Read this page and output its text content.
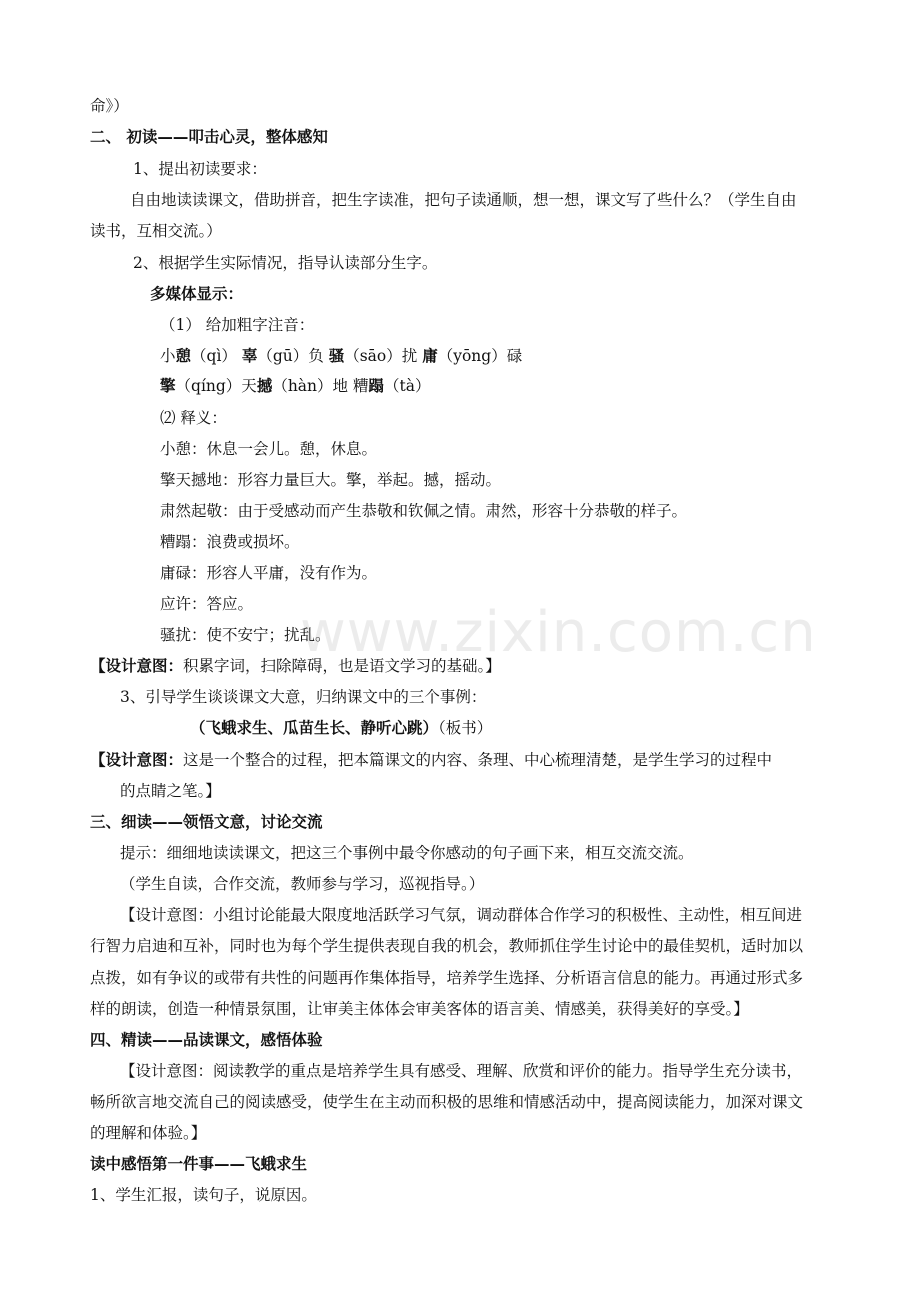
命》）
二、 初读——叩击心灵，整体感知
1、提出初读要求：
自由地读读课文，借助拼音，把生字读准，把句子读通顺，想一想，课文写了些什么？（学生自由
读书，互相交流。）
2、根据学生实际情况，指导认读部分生字。
多媒体显示：
（1） 给加粗字注音：
小憩（qì） 辜（gū）负 骚（sāo）扰 庸（yōng）碌
擎（qíng）天撼（hàn）地 糟蹋（tà）
⑵ 释义：
小憩：休息一会儿。憩，休息。
擎天撼地：形容力量巨大。擎，举起。撼，摇动。
肃然起敬：由于受感动而产生恭敬和钦佩之情。肃然，形容十分恭敬的样子。
糟蹋：浪费或损坏。
庸碌：形容人平庸，没有作为。
应许：答应。
骚扰：使不安宁；扰乱。
【设计意图：积累字词，扫除障碍，也是语文学习的基础。】
3、引导学生谈谈课文大意，归纳课文中的三个事例：
（飞蛾求生、瓜苗生长、静听心跳）（板书）
【设计意图：这是一个整合的过程，把本篇课文的内容、条理、中心梳理清楚，是学生学习的过程中
的点睛之笔。】
三、细读——领悟文意，讨论交流
提示：细细地读读课文，把这三个事例中最令你感动的句子画下来，相互交流交流。
（学生自读，合作交流，教师参与学习，巡视指导。）
【设计意图：小组讨论能最大限度地活跃学习气氛，调动群体合作学习的积极性、主动性，相互间进
行智力启迪和互补，同时也为每个学生提供表现自我的机会，教师抓住学生讨论中的最佳契机，适时加以
点拨，如有争议的或带有共性的问题再作集体指导，培养学生选择、分析语言信息的能力。再通过形式多
样的朗读，创造一种情景氛围，让审美主体体会审美客体的语言美、情感美，获得美好的享受。】
四、精读——品读课文，感悟体验
【设计意图：阅读教学的重点是培养学生具有感受、理解、欣赏和评价的能力。指导学生充分读书，
畅所欲言地交流自己的阅读感受，使学生在主动而积极的思维和情感活动中，提高阅读能力，加深对课文
的理解和体验。】
读中感悟第一件事——飞蛾求生
1、学生汇报，读句子，说原因。
www.zixin.com.cn
